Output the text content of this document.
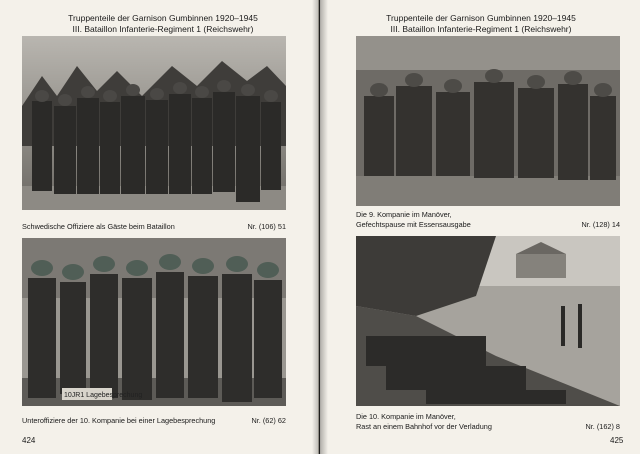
Truppenteile der Garnison Gumbinnen 1920–1945
III. Bataillon Infanterie-Regiment 1 (Reichswehr)
Schwedische Offiziere als Gäste beim Bataillon	Nr. (106) 51
10JR1 Lagebesprechung
Unteroffiziere der 10. Kompanie bei einer Lagebesprechung	Nr. (62) 62
424
Truppenteile der Garnison Gumbinnen 1920–1945
III. Bataillon Infanterie-Regiment 1 (Reichswehr)
Die 9. Kompanie im Manöver,
Gefechtspause mit Essensausgabe	Nr. (128) 14
Die 10. Kompanie im Manöver,
Rast an einem Bahnhof vor der Verladung	Nr. (162) 8
425
